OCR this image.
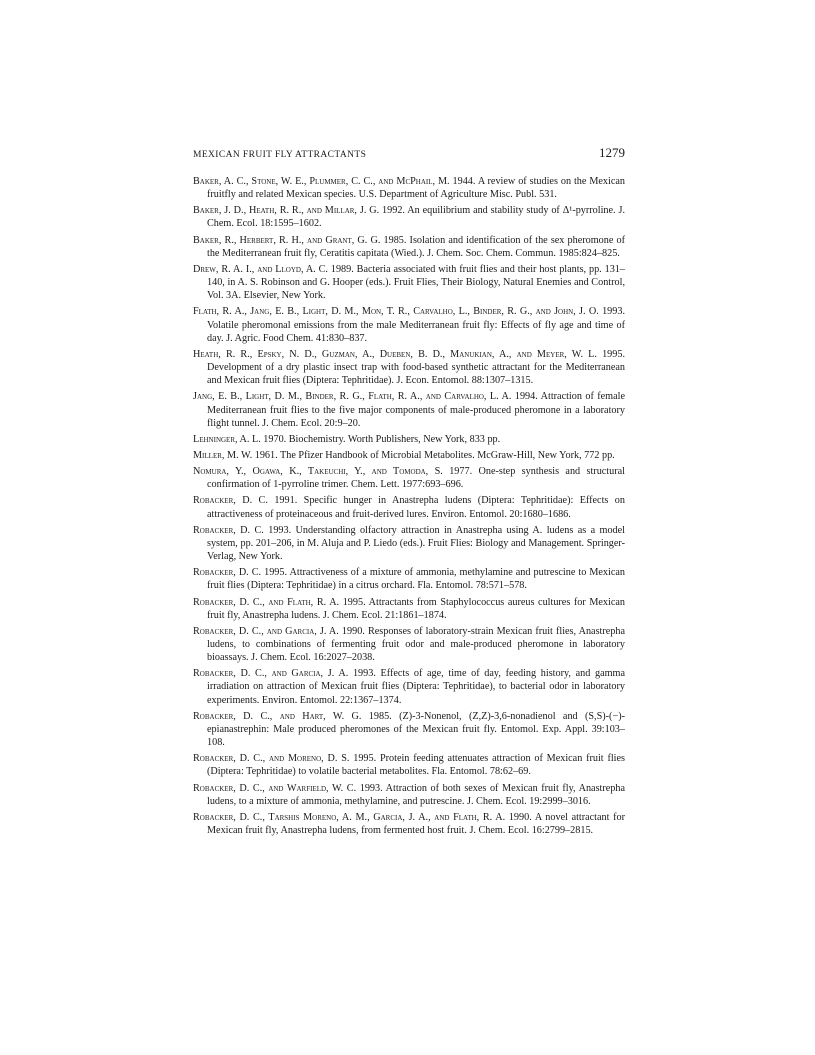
MEXICAN FRUIT FLY ATTRACTANTS	1279

Baker, A. C., Stone, W. E., Plummer, C. C., and McPhail, M. 1944. A review of studies on the Mexican fruitfly and related Mexican species. U.S. Department of Agriculture Misc. Publ. 531.

Baker, J. D., Heath, R. R., and Millar, J. G. 1992. An equilibrium and stability study of Δ¹-pyrroline. J. Chem. Ecol. 18:1595–1602.

Baker, R., Herbert, R. H., and Grant, G. G. 1985. Isolation and identification of the sex pheromone of the Mediterranean fruit fly, Ceratitis capitata (Wied.). J. Chem. Soc. Chem. Commun. 1985:824–825.

Drew, R. A. I., and Lloyd, A. C. 1989. Bacteria associated with fruit flies and their host plants, pp. 131–140, in A. S. Robinson and G. Hooper (eds.). Fruit Flies, Their Biology, Natural Enemies and Control, Vol. 3A. Elsevier, New York.

Flath, R. A., Jang, E. B., Light, D. M., Mon, T. R., Carvalho, L., Binder, R. G., and John, J. O. 1993. Volatile pheromonal emissions from the male Mediterranean fruit fly: Effects of fly age and time of day. J. Agric. Food Chem. 41:830–837.

Heath, R. R., Epsky, N. D., Guzman, A., Dueben, B. D., Manukian, A., and Meyer, W. L. 1995. Development of a dry plastic insect trap with food-based synthetic attractant for the Mediterranean and Mexican fruit flies (Diptera: Tephritidae). J. Econ. Entomol. 88:1307–1315.

Jang, E. B., Light, D. M., Binder, R. G., Flath, R. A., and Carvalho, L. A. 1994. Attraction of female Mediterranean fruit flies to the five major components of male-produced pheromone in a laboratory flight tunnel. J. Chem. Ecol. 20:9–20.

Lehninger, A. L. 1970. Biochemistry. Worth Publishers, New York, 833 pp.

Miller, M. W. 1961. The Pfizer Handbook of Microbial Metabolites. McGraw-Hill, New York, 772 pp.

Nomura, Y., Ogawa, K., Takeuchi, Y., and Tomoda, S. 1977. One-step synthesis and structural confirmation of 1-pyrroline trimer. Chem. Lett. 1977:693–696.

Robacker, D. C. 1991. Specific hunger in Anastrepha ludens (Diptera: Tephritidae): Effects on attractiveness of proteinaceous and fruit-derived lures. Environ. Entomol. 20:1680–1686.

Robacker, D. C. 1993. Understanding olfactory attraction in Anastrepha using A. ludens as a model system, pp. 201–206, in M. Aluja and P. Liedo (eds.). Fruit Flies: Biology and Management. Springer-Verlag, New York.

Robacker, D. C. 1995. Attractiveness of a mixture of ammonia, methylamine and putrescine to Mexican fruit flies (Diptera: Tephritidae) in a citrus orchard. Fla. Entomol. 78:571–578.

Robacker, D. C., and Flath, R. A. 1995. Attractants from Staphylococcus aureus cultures for Mexican fruit fly, Anastrepha ludens. J. Chem. Ecol. 21:1861–1874.

Robacker, D. C., and Garcia, J. A. 1990. Responses of laboratory-strain Mexican fruit flies, Anastrepha ludens, to combinations of fermenting fruit odor and male-produced pheromone in laboratory bioassays. J. Chem. Ecol. 16:2027–2038.

Robacker, D. C., and Garcia, J. A. 1993. Effects of age, time of day, feeding history, and gamma irradiation on attraction of Mexican fruit flies (Diptera: Tephritidae), to bacterial odor in laboratory experiments. Environ. Entomol. 22:1367–1374.

Robacker, D. C., and Hart, W. G. 1985. (Z)-3-Nonenol, (Z,Z)-3,6-nonadienol and (S,S)-(−)-epianastrephin: Male produced pheromones of the Mexican fruit fly. Entomol. Exp. Appl. 39:103–108.

Robacker, D. C., and Moreno, D. S. 1995. Protein feeding attenuates attraction of Mexican fruit flies (Diptera: Tephritidae) to volatile bacterial metabolites. Fla. Entomol. 78:62–69.

Robacker, D. C., and Warfield, W. C. 1993. Attraction of both sexes of Mexican fruit fly, Anastrepha ludens, to a mixture of ammonia, methylamine, and putrescine. J. Chem. Ecol. 19:2999–3016.

Robacker, D. C., Tarshis Moreno, A. M., Garcia, J. A., and Flath, R. A. 1990. A novel attractant for Mexican fruit fly, Anastrepha ludens, from fermented host fruit. J. Chem. Ecol. 16:2799–2815.
